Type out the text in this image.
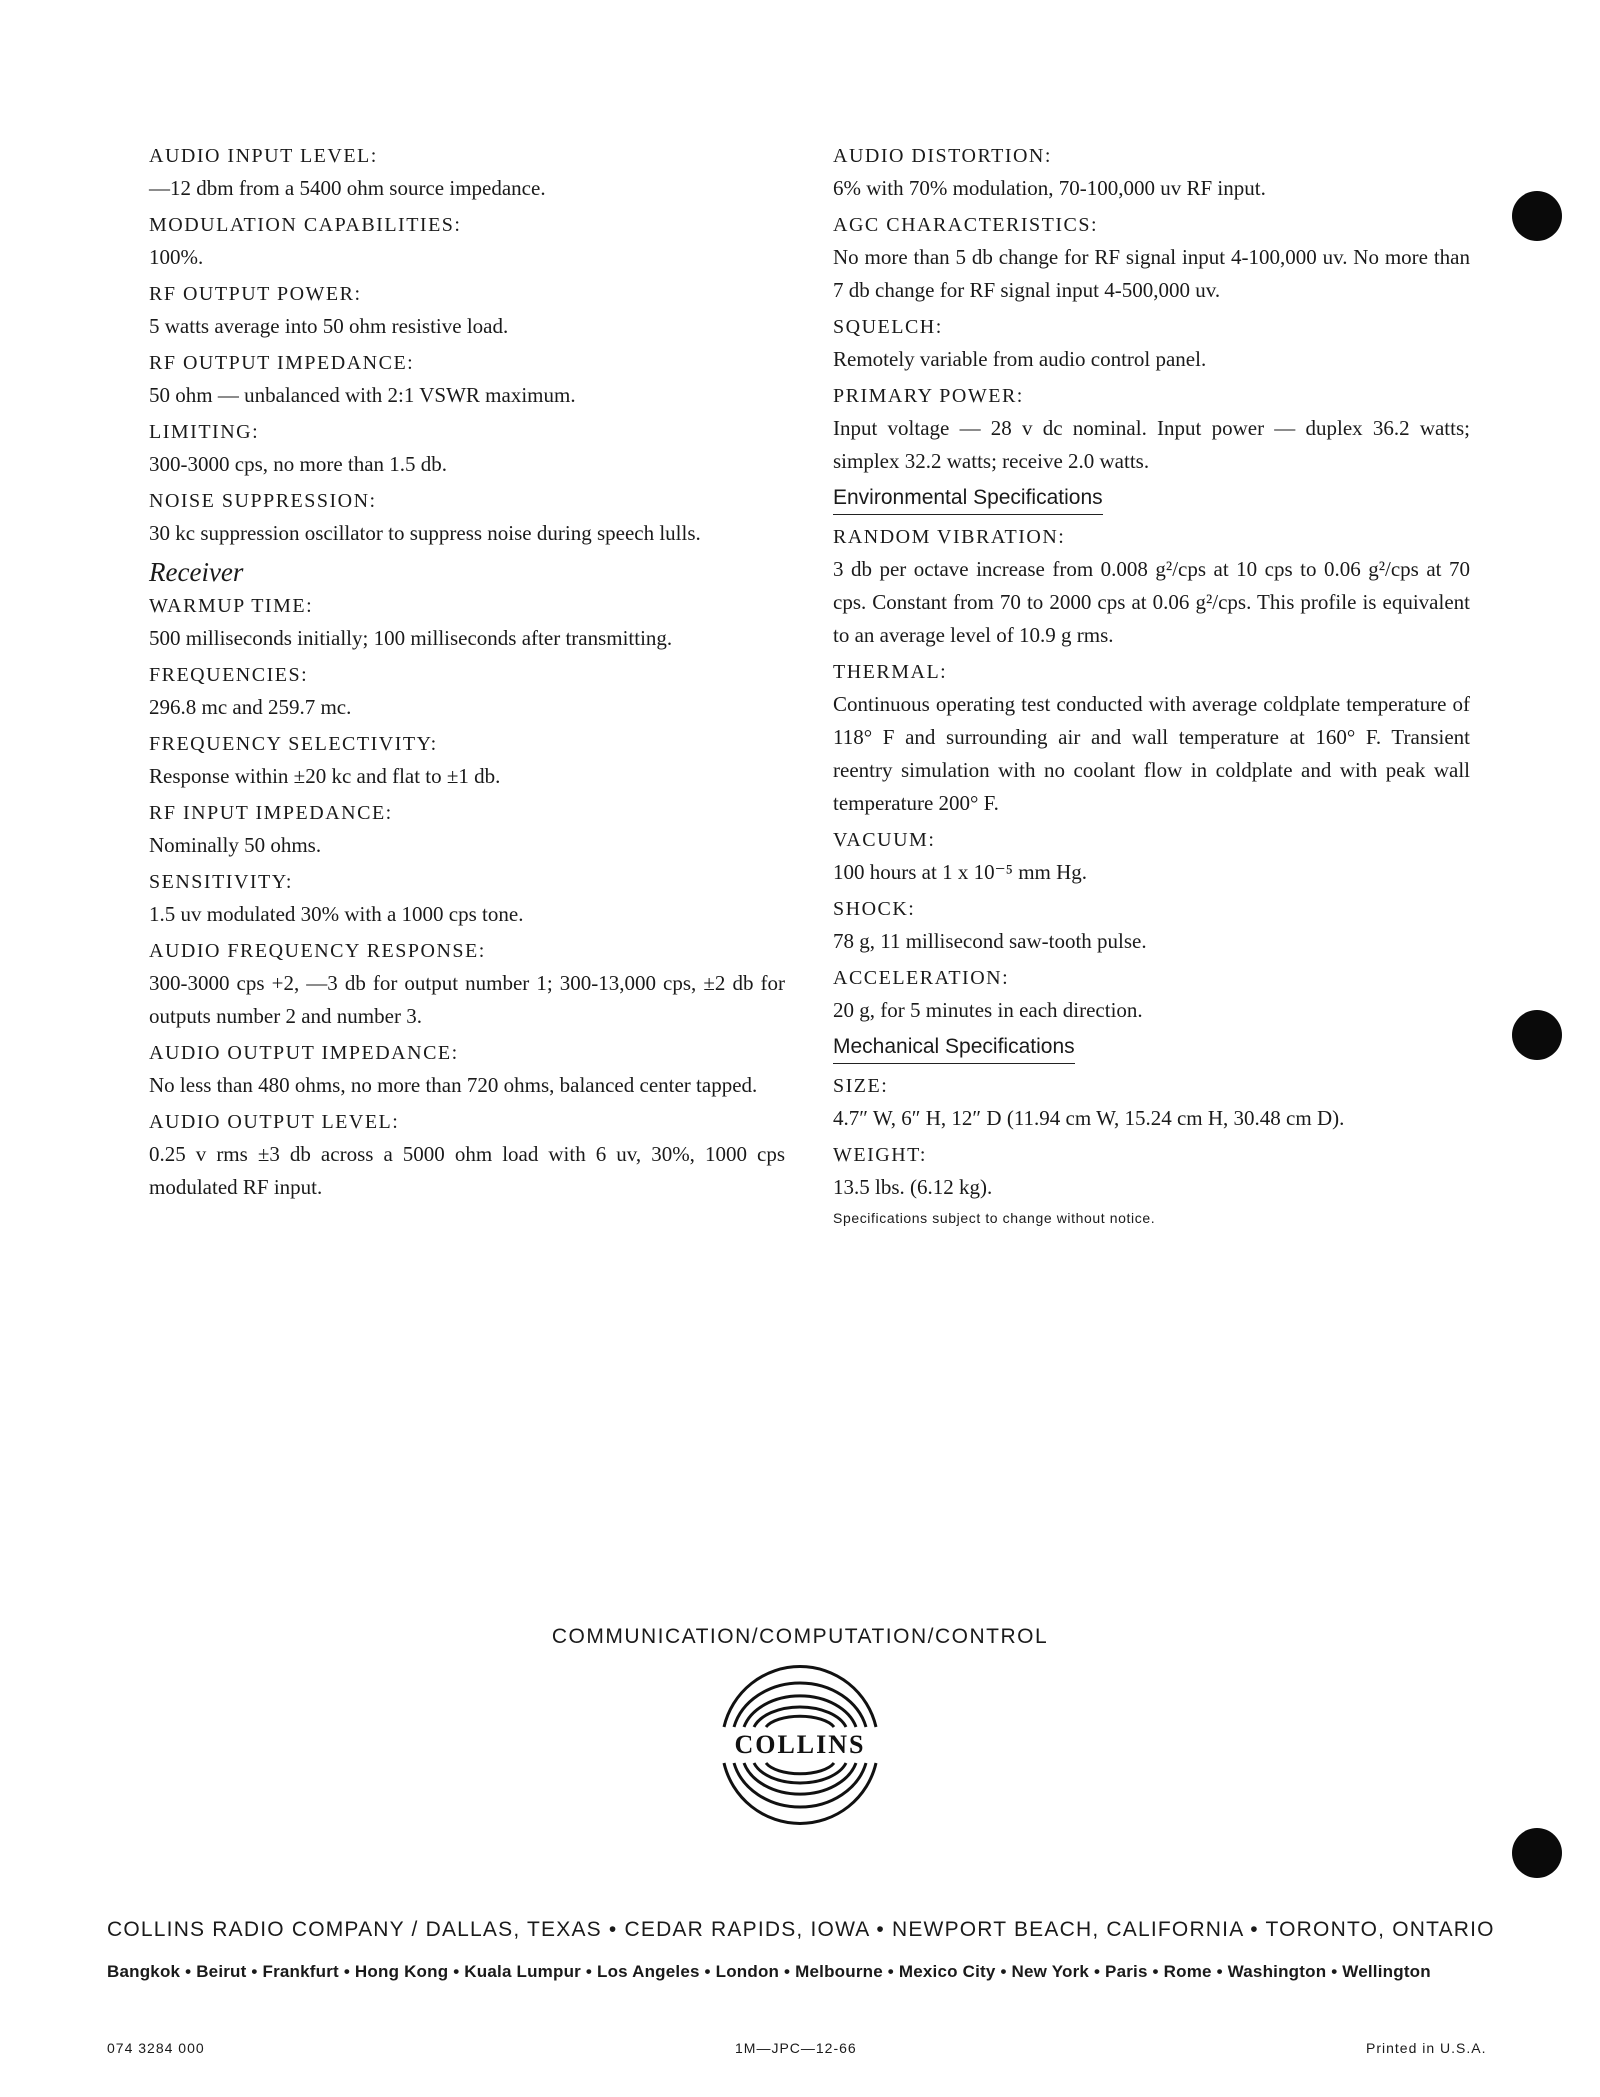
AUDIO INPUT LEVEL:
—12 dbm from a 5400 ohm source impedance.
MODULATION CAPABILITIES:
100%.
RF OUTPUT POWER:
5 watts average into 50 ohm resistive load.
RF OUTPUT IMPEDANCE:
50 ohm — unbalanced with 2:1 VSWR maximum.
LIMITING:
300-3000 cps, no more than 1.5 db.
NOISE SUPPRESSION:
30 kc suppression oscillator to suppress noise during speech lulls.
Receiver
WARMUP TIME:
500 milliseconds initially; 100 milliseconds after transmitting.
FREQUENCIES:
296.8 mc and 259.7 mc.
FREQUENCY SELECTIVITY:
Response within ±20 kc and flat to ±1 db.
RF INPUT IMPEDANCE:
Nominally 50 ohms.
SENSITIVITY:
1.5 uv modulated 30% with a 1000 cps tone.
AUDIO FREQUENCY RESPONSE:
300-3000 cps +2, —3 db for output number 1; 300-13,000 cps, ±2 db for outputs number 2 and number 3.
AUDIO OUTPUT IMPEDANCE:
No less than 480 ohms, no more than 720 ohms, balanced center tapped.
AUDIO OUTPUT LEVEL:
0.25 v rms ±3 db across a 5000 ohm load with 6 uv, 30%, 1000 cps modulated RF input.
AUDIO DISTORTION:
6% with 70% modulation, 70-100,000 uv RF input.
AGC CHARACTERISTICS:
No more than 5 db change for RF signal input 4-100,000 uv. No more than 7 db change for RF signal input 4-500,000 uv.
SQUELCH:
Remotely variable from audio control panel.
PRIMARY POWER:
Input voltage — 28 v dc nominal. Input power — duplex 36.2 watts; simplex 32.2 watts; receive 2.0 watts.
Environmental Specifications
RANDOM VIBRATION:
3 db per octave increase from 0.008 g²/cps at 10 cps to 0.06 g²/cps at 70 cps. Constant from 70 to 2000 cps at 0.06 g²/cps. This profile is equivalent to an average level of 10.9 g rms.
THERMAL:
Continuous operating test conducted with average coldplate temperature of 118° F and surrounding air and wall temperature at 160° F. Transient reentry simulation with no coolant flow in coldplate and with peak wall temperature 200° F.
VACUUM:
100 hours at 1 x 10⁻⁵ mm Hg.
SHOCK:
78 g, 11 millisecond saw-tooth pulse.
ACCELERATION:
20 g, for 5 minutes in each direction.
Mechanical Specifications
SIZE:
4.7″ W, 6″ H, 12″ D (11.94 cm W, 15.24 cm H, 30.48 cm D).
WEIGHT:
13.5 lbs. (6.12 kg).
Specifications subject to change without notice.
COMMUNICATION/COMPUTATION/CONTROL
COLLINS
COLLINS RADIO COMPANY / DALLAS, TEXAS • CEDAR RAPIDS, IOWA • NEWPORT BEACH, CALIFORNIA • TORONTO, ONTARIO
Bangkok • Beirut • Frankfurt • Hong Kong • Kuala Lumpur • Los Angeles • London • Melbourne • Mexico City • New York • Paris • Rome • Washington • Wellington
074 3284 000	1M—JPC—12-66	Printed in U.S.A.
